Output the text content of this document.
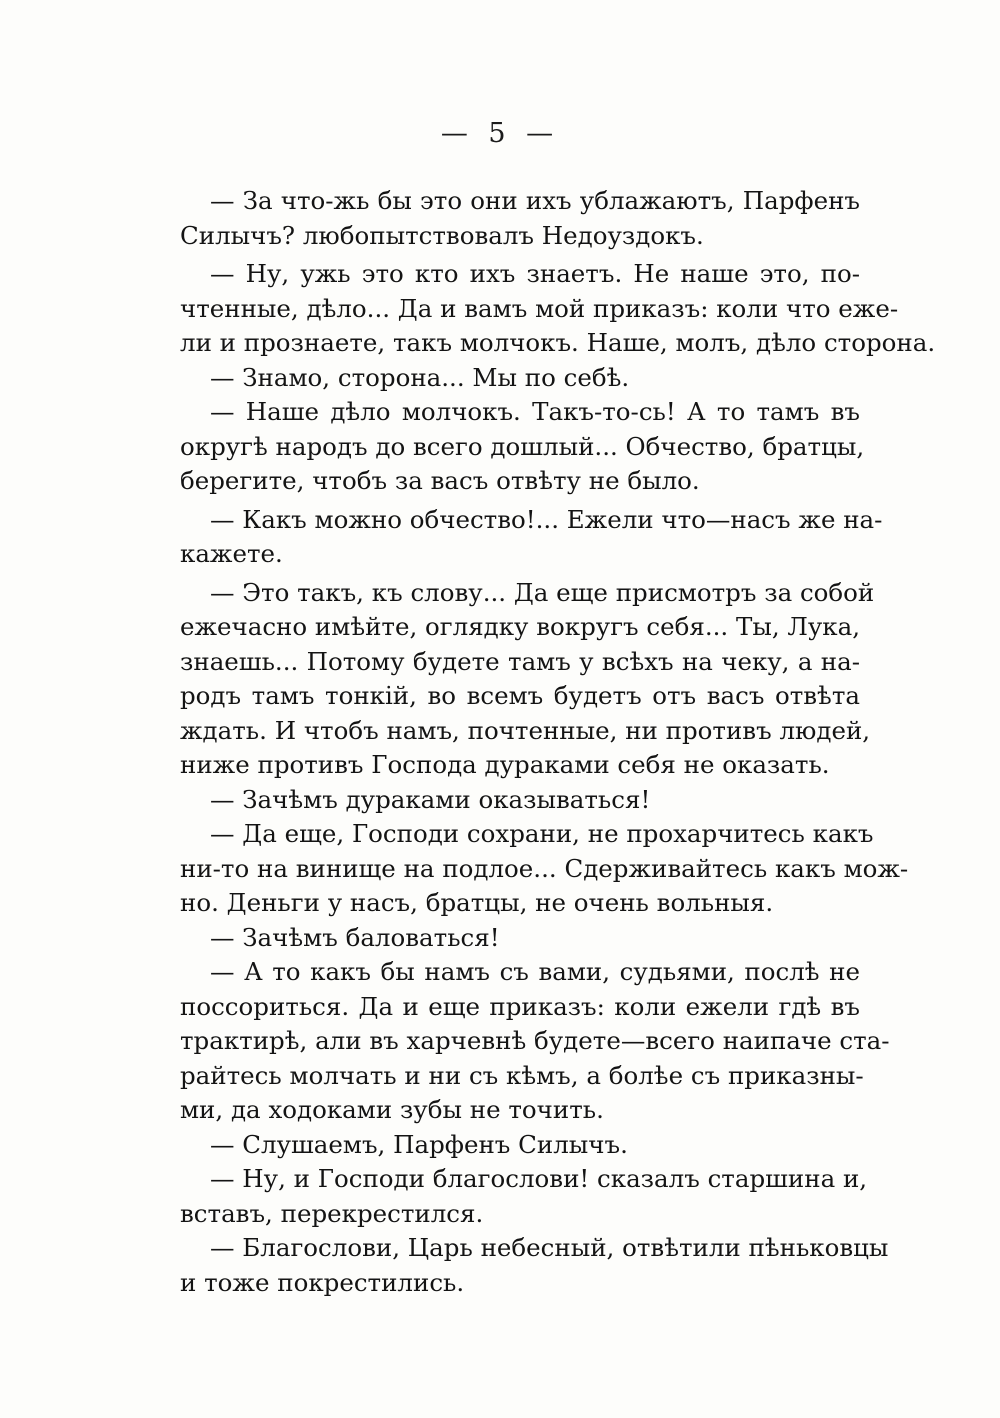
— 5 —
— За что-жь бы это они ихъ ублажаютъ, Парфенъ
Силычъ? любопытствовалъ Недоуздокъ.
— Ну, ужь это кто ихъ знаетъ. Не наше это, по-
чтенные, дѣло... Да и вамъ мой приказъ: коли что еже-
ли и прознаете, такъ молчокъ. Наше, молъ, дѣло сторона.
— Знамо, сторона... Мы по себѣ.
— Наше дѣло молчокъ. Такъ-то-сь! А то тамъ въ
округѣ народъ до всего дошлый... Обчество, братцы,
берегите, чтобъ за васъ отвѣту не было.
— Какъ можно обчество!... Ежели что—насъ же на-
кажете.
— Это такъ, къ слову... Да еще присмотръ за собой
ежечасно имѣйте, оглядку вокругъ себя... Ты, Лука,
знаешь... Потому будете тамъ у всѣхъ на чеку, а на-
родъ тамъ тонкій, во всемъ будетъ отъ васъ отвѣта
ждать. И чтобъ намъ, почтенные, ни противъ людей,
ниже противъ Господа дураками себя не оказать.
— Зачѣмъ дураками оказываться!
— Да еще, Господи сохрани, не прохарчитесь какъ
ни-то на винище на подлое... Сдерживайтесь какъ мож-
но. Деньги у насъ, братцы, не очень вольныя.
— Зачѣмъ баловаться!
— А то какъ бы намъ съ вами, судьями, послѣ не
поссориться. Да и еще приказъ: коли ежели гдѣ въ
трактирѣ, али въ харчевнѣ будете—всего наипаче ста-
райтесь молчать и ни съ кѣмъ, а болѣе съ приказны-
ми, да ходоками зубы не точить.
— Слушаемъ, Парфенъ Силычъ.
— Ну, и Господи благослови! сказалъ старшина и,
вставъ, перекрестился.
— Благослови, Царь небесный, отвѣтили пѣньковцы
и тоже покрестились.
